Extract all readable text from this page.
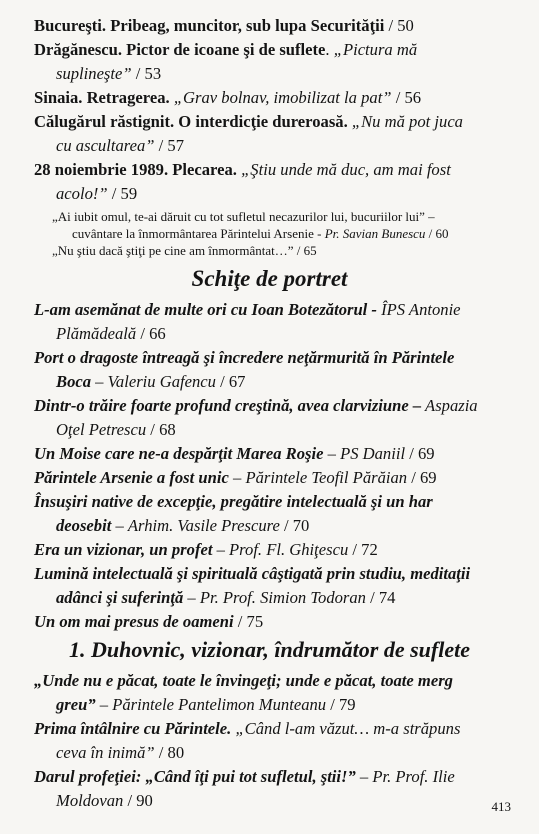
Bucureşti. Pribeag, muncitor, sub lupa Securităţii / 50
Drăgănescu. Pictor de icoane şi de suflete. „Pictura mă
suplineşte” / 53
Sinaia. Retragerea. „Grav bolnav, imobilizat la pat” / 56
Călugărul răstignit. O interdicţie dureroasă. „Nu mă pot juca
cu ascultarea” / 57
28 noiembrie 1989. Plecarea. „Ştiu unde mă duc, am mai fost
acolo!” / 59
„Ai iubit omul, te-ai dăruit cu tot sufletul necazurilor lui, bucuriilor lui” –
cuvântare la înmormântarea Părintelui Arsenie - Pr. Savian Bunescu / 60
„Nu ştiu dacă ştiţi pe cine am înmormântat…” / 65
Schiţe de portret
L-am asemănat de multe ori cu Ioan Botezătorul - ÎPS Antonie
Plămădeală / 66
Port o dragoste întreagă şi încredere neţărmurită în Părintele
Boca – Valeriu Gafencu / 67
Dintr-o trăire foarte profund creştină, avea clarviziune – Aspazia
Oţel Petrescu / 68
Un Moise care ne-a despărţit Marea Roşie – PS Daniil / 69
Părintele Arsenie a fost unic – Părintele Teofil Părăian / 69
Însuşiri native de excepţie, pregătire intelectuală şi un har
deosebit – Arhim. Vasile Prescure / 70
Era un vizionar, un profet – Prof. Fl. Ghiţescu / 72
Lumină intelectuală şi spirituală câştigată prin studiu, meditaţii
adânci şi suferinţă – Pr. Prof. Simion Todoran / 74
Un om mai presus de oameni / 75
1. Duhovnic, vizionar, îndrumător de suflete
„Unde nu e păcat, toate le învingeţi; unde e păcat, toate merg
greu” – Părintele Pantelimon Munteanu / 79
Prima întâlnire cu Părintele. „Când l-am văzut… m-a străpuns
ceva în inimă” / 80
Darul profeţiei: „Când îţi pui tot sufletul, ştii!” – Pr. Prof. Ilie
Moldovan / 90	413
